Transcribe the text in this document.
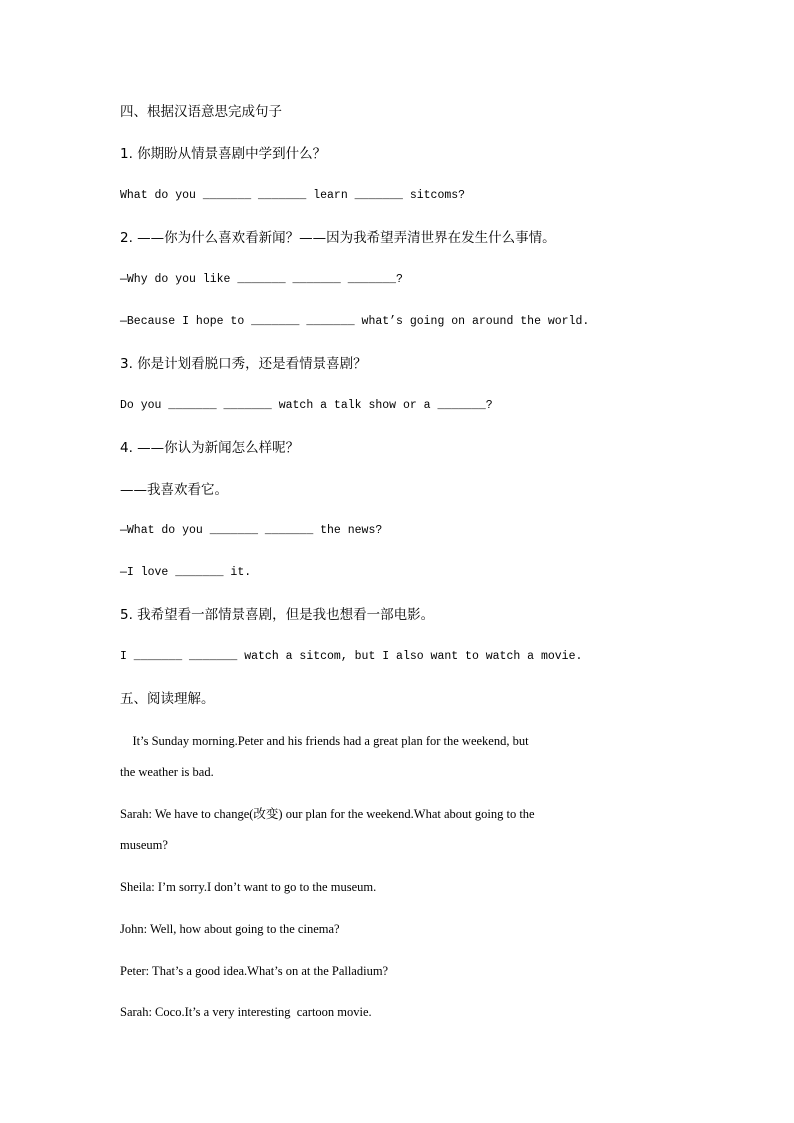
四、根据汉语意思完成句子
1. 你期盼从情景喜剧中学到什么？
What do you _______ _______ learn _______ sitcoms?
2. ——你为什么喜欢看新闻？——因为我希望弄清世界在发生什么事情。
—Why do you like _______ _______ _______?
—Because I hope to _______ _______ what’s going on around the world.
3. 你是计划看脱口秀，还是看情景喜剧？
Do you _______ _______ watch a talk show or a _______?
4. ——你认为新闻怎么样呢？
——我喜欢看它。
—What do you _______ _______ the news?
—I love _______ it.
5. 我希望看一部情景喜剧，但是我也想看一部电影。
I _______ _______ watch a sitcom, but I also want to watch a movie.
五、阅读理解。
It’s Sunday morning.Peter and his friends had a great plan for the weekend, but
the weather is bad.
Sarah: We have to change(改变) our plan for the weekend.What about going to the
museum?
Sheila: I’m sorry.I don’t want to go to the museum.
John: Well, how about going to the cinema?
Peter: That’s a good idea.What’s on at the Palladium?
Sarah: Coco.It’s a very interesting  cartoon movie.
